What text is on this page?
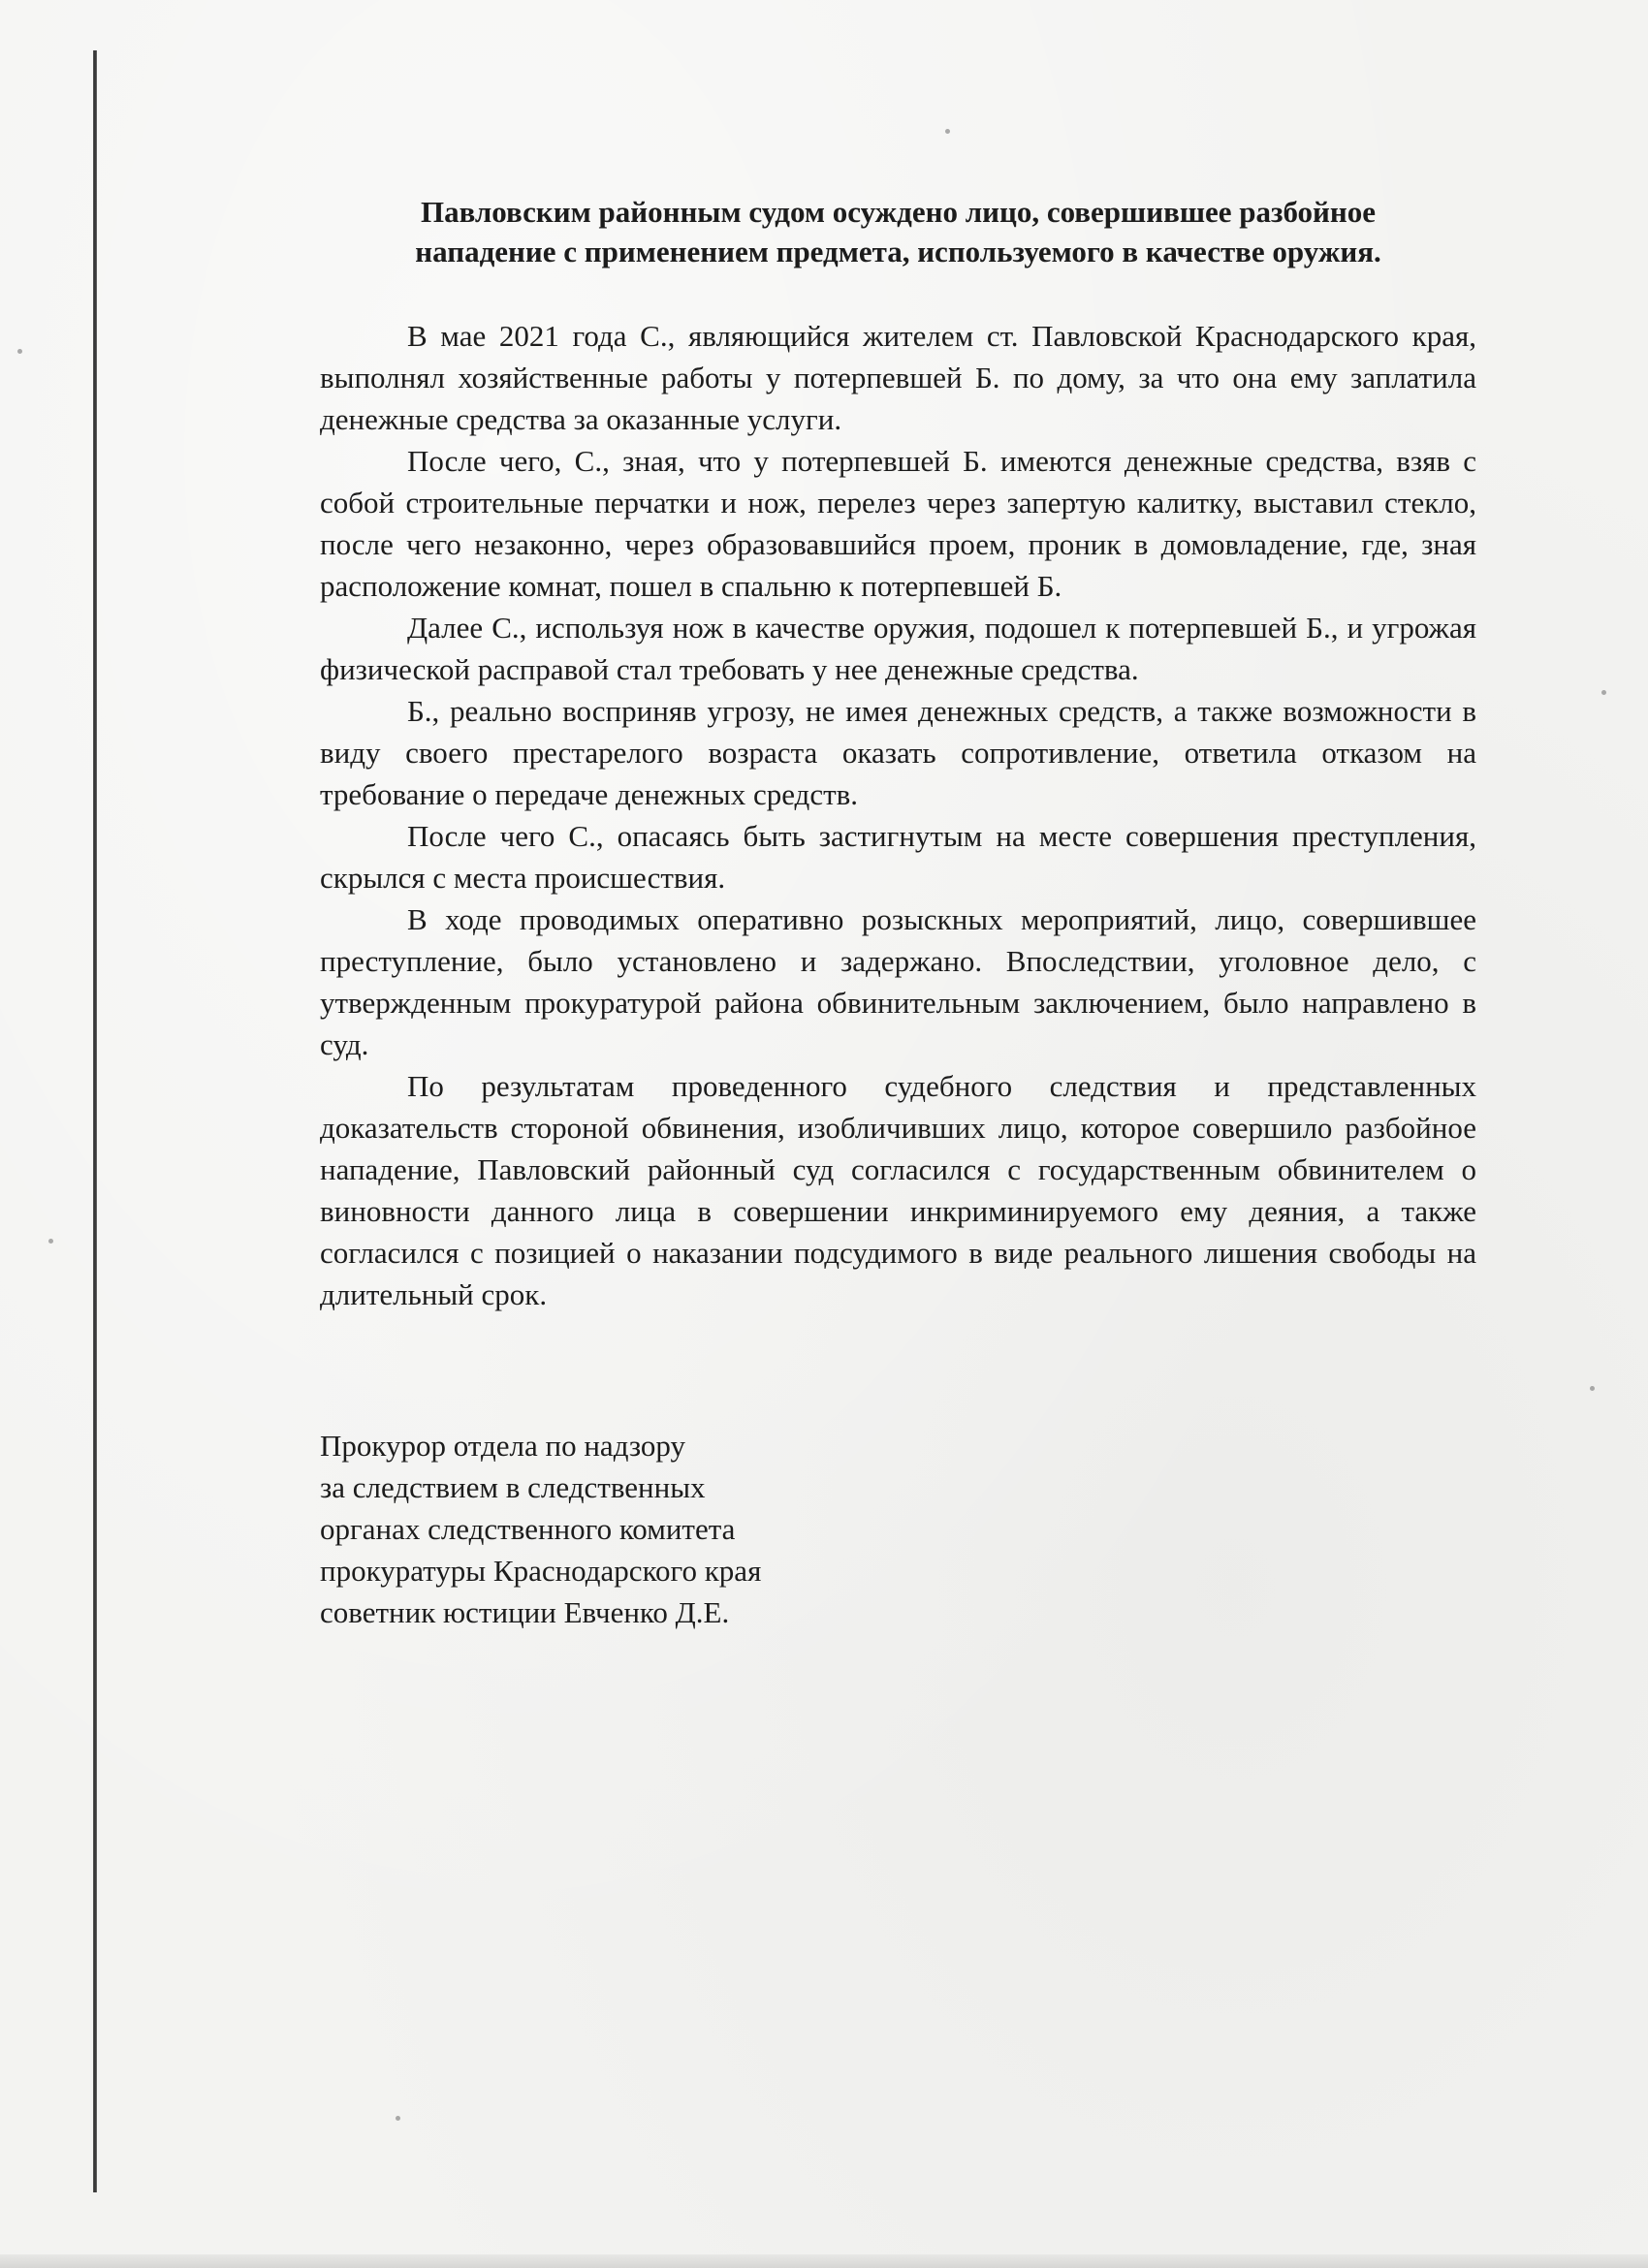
Павловским районным судом осуждено лицо, совершившее разбойное
нападение с применением предмета, используемого в качестве оружия.

В мае 2021 года С., являющийся жителем ст. Павловской Краснодарского края, выполнял хозяйственные работы у потерпевшей Б. по дому, за что она ему заплатила денежные средства за оказанные услуги.

После чего, С., зная, что у потерпевшей Б. имеются денежные средства, взяв с собой строительные перчатки и нож, перелез через запертую калитку, выставил стекло, после чего незаконно, через образовавшийся проем, проник в домовладение, где, зная расположение комнат, пошел в спальню к потерпевшей Б.

Далее С., используя нож в качестве оружия, подошел к потерпевшей Б., и угрожая физической расправой стал требовать у нее денежные средства.

Б., реально восприняв угрозу, не имея денежных средств, а также возможности в виду своего престарелого возраста оказать сопротивление, ответила отказом на требование о передаче денежных средств.

После чего С., опасаясь быть застигнутым на месте совершения преступления, скрылся с места происшествия.

В ходе проводимых оперативно розыскных мероприятий, лицо, совершившее преступление, было установлено и задержано. Впоследствии, уголовное дело, с утвержденным прокуратурой района обвинительным заключением, было направлено в суд.

По результатам проведенного судебного следствия и представленных доказательств стороной обвинения, изобличивших лицо, которое совершило разбойное нападение, Павловский районный суд согласился с государственным обвинителем о виновности данного лица в совершении инкриминируемого ему деяния, а также согласился с позицией о наказании подсудимого в виде реального лишения свободы на длительный срок.

Прокурор отдела по надзору
за следствием в следственных
органах следственного комитета
прокуратуры Краснодарского края
советник юстиции Евченко Д.Е.
